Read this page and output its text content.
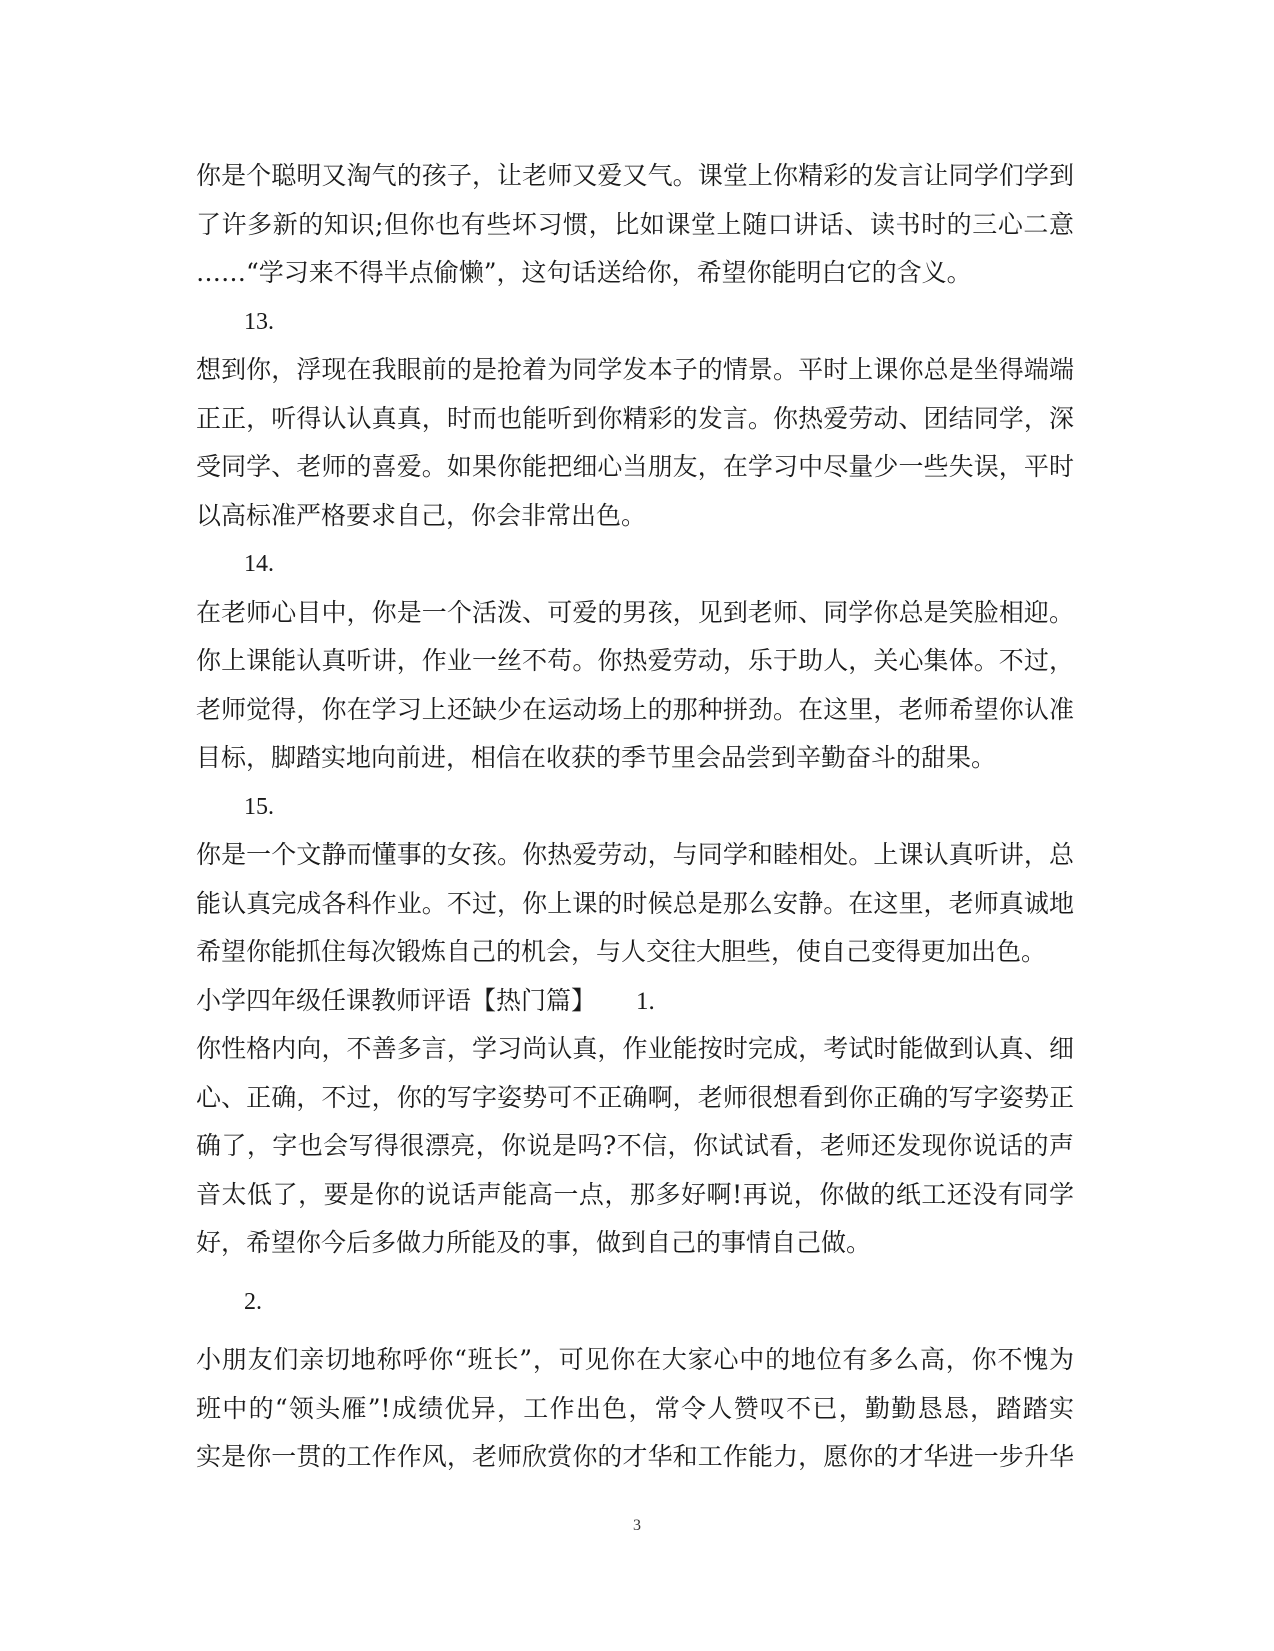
你是个聪明又淘气的孩子，让老师又爱又气。课堂上你精彩的发言让同学们学到
了许多新的知识;但你也有些坏习惯，比如课堂上随口讲话、读书时的三心二意
……“学习来不得半点偷懒”，这句话送给你，希望你能明白它的含义。
13.
想到你，浮现在我眼前的是抢着为同学发本子的情景。平时上课你总是坐得端端
正正，听得认认真真，时而也能听到你精彩的发言。你热爱劳动、团结同学，深
受同学、老师的喜爱。如果你能把细心当朋友，在学习中尽量少一些失误，平时
以高标准严格要求自己，你会非常出色。
14.
在老师心目中，你是一个活泼、可爱的男孩，见到老师、同学你总是笑脸相迎。
你上课能认真听讲，作业一丝不苟。你热爱劳动，乐于助人，关心集体。不过，
老师觉得，你在学习上还缺少在运动场上的那种拼劲。在这里，老师希望你认准
目标，脚踏实地向前进，相信在收获的季节里会品尝到辛勤奋斗的甜果。
15.
你是一个文静而懂事的女孩。你热爱劳动，与同学和睦相处。上课认真听讲，总
能认真完成各科作业。不过，你上课的时候总是那么安静。在这里，老师真诚地
希望你能抓住每次锻炼自己的机会，与人交往大胆些，使自己变得更加出色。
小学四年级任课教师评语【热门篇】 1.
你性格内向，不善多言，学习尚认真，作业能按时完成，考试时能做到认真、细
心、正确，不过，你的写字姿势可不正确啊，老师很想看到你正确的写字姿势正
确了，字也会写得很漂亮，你说是吗?不信，你试试看，老师还发现你说话的声
音太低了，要是你的说话声能高一点，那多好啊!再说，你做的纸工还没有同学
好，希望你今后多做力所能及的事，做到自己的事情自己做。
2.
小朋友们亲切地称呼你“班长”，可见你在大家心中的地位有多么高，你不愧为
班中的“领头雁”!成绩优异，工作出色，常令人赞叹不已，勤勤恳恳，踏踏实
实是你一贯的工作作风，老师欣赏你的才华和工作能力，愿你的才华进一步升华
3
